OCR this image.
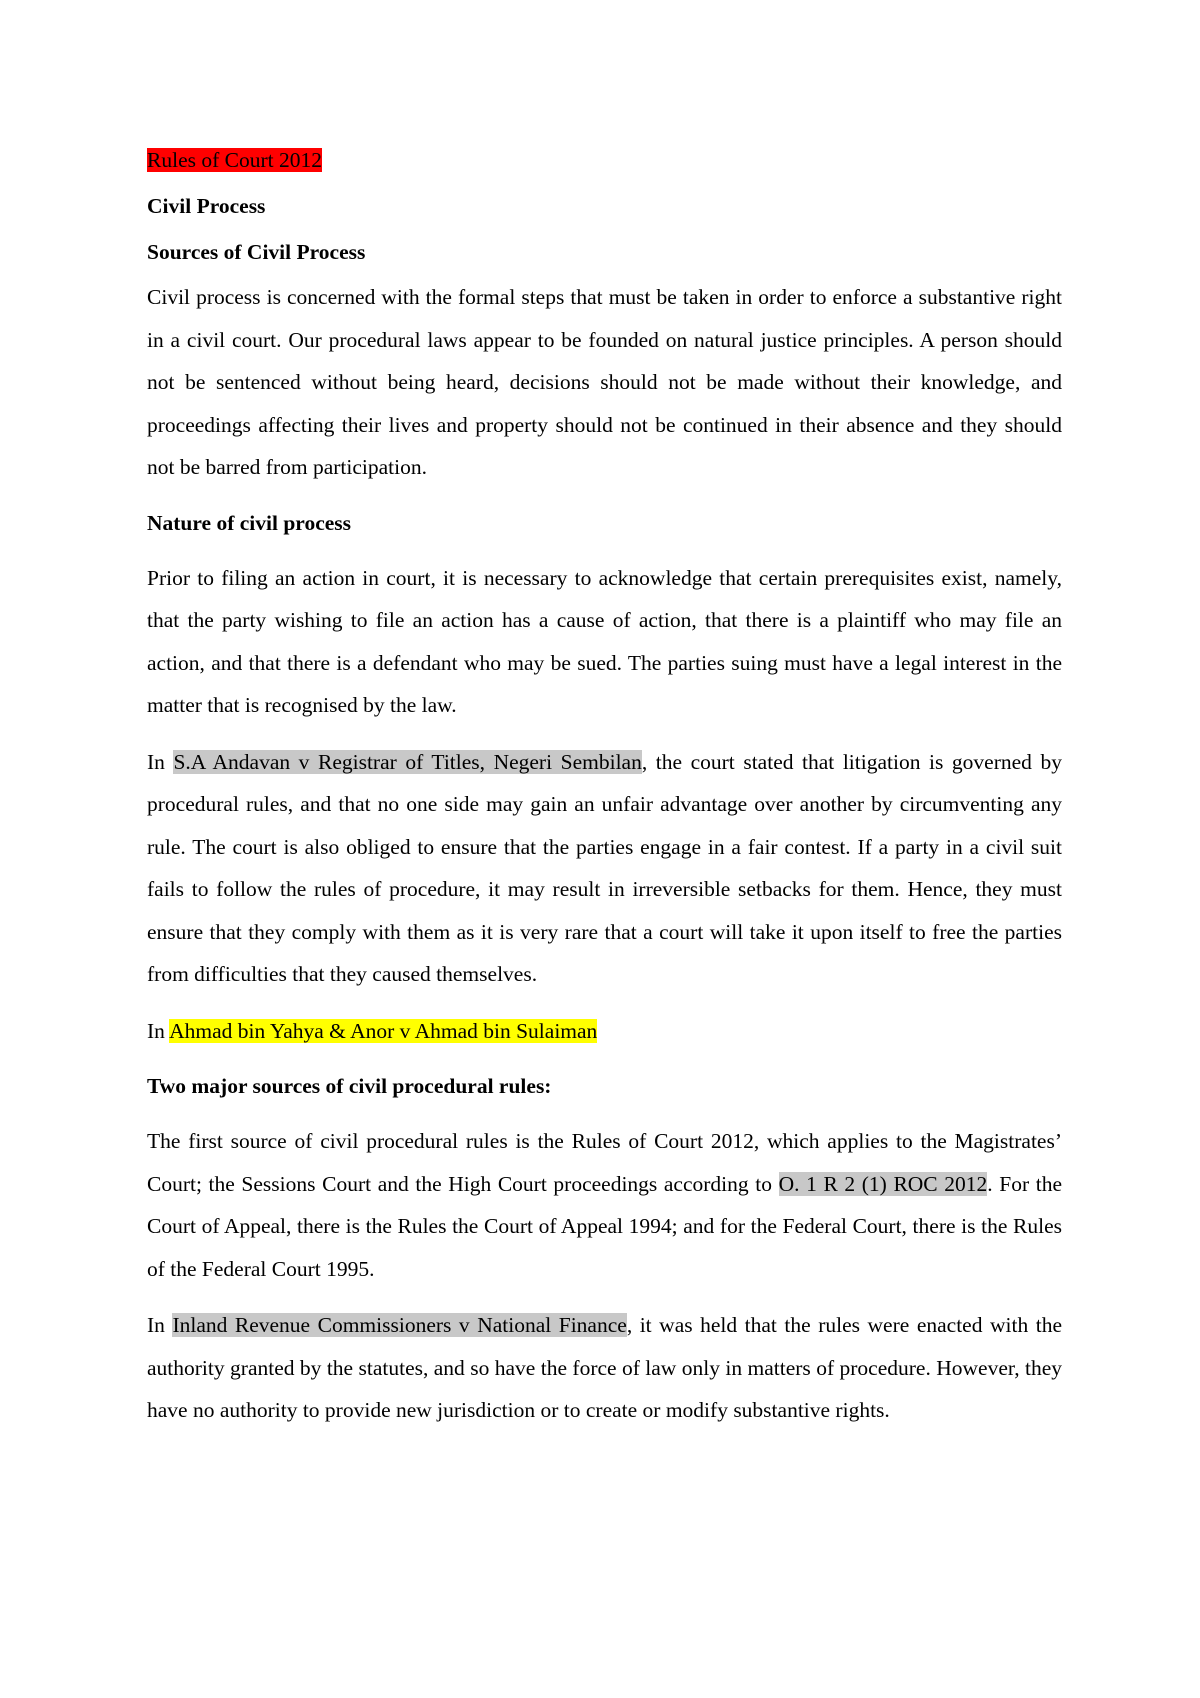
Rules of Court 2012

Civil Process

Sources of Civil Process

Civil process is concerned with the formal steps that must be taken in order to enforce a substantive right in a civil court. Our procedural laws appear to be founded on natural justice principles. A person should not be sentenced without being heard, decisions should not be made without their knowledge, and proceedings affecting their lives and property should not be continued in their absence and they should not be barred from participation.

Nature of civil process

Prior to filing an action in court, it is necessary to acknowledge that certain prerequisites exist, namely, that the party wishing to file an action has a cause of action, that there is a plaintiff who may file an action, and that there is a defendant who may be sued. The parties suing must have a legal interest in the matter that is recognised by the law.

In S.A Andavan v Registrar of Titles, Negeri Sembilan, the court stated that litigation is governed by procedural rules, and that no one side may gain an unfair advantage over another by circumventing any rule. The court is also obliged to ensure that the parties engage in a fair contest. If a party in a civil suit fails to follow the rules of procedure, it may result in irreversible setbacks for them. Hence, they must ensure that they comply with them as it is very rare that a court will take it upon itself to free the parties from difficulties that they caused themselves.

In Ahmad bin Yahya & Anor v Ahmad bin Sulaiman

Two major sources of civil procedural rules:

The first source of civil procedural rules is the Rules of Court 2012, which applies to the Magistrates’ Court; the Sessions Court and the High Court proceedings according to O. 1 R 2 (1) ROC 2012. For the Court of Appeal, there is the Rules the Court of Appeal 1994; and for the Federal Court, there is the Rules of the Federal Court 1995.

In Inland Revenue Commissioners v National Finance, it was held that the rules were enacted with the authority granted by the statutes, and so have the force of law only in matters of procedure. However, they have no authority to provide new jurisdiction or to create or modify substantive rights.
